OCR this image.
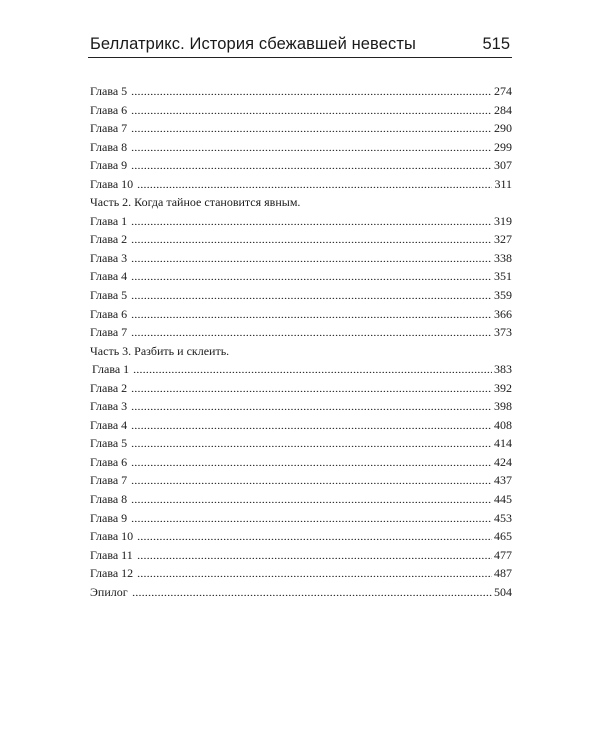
Беллатрикс. История сбежавшей невесты	515
Глава 5	274
Глава 6	284
Глава 7	290
Глава 8	299
Глава 9	307
Глава 10	311
Часть 2. Когда тайное становится явным.
Глава 1	319
Глава 2	327
Глава 3	338
Глава 4	351
Глава 5	359
Глава 6	366
Глава 7	373
Часть 3. Разбить и склеить.
Глава 1	383
Глава 2	392
Глава 3	398
Глава 4	408
Глава 5	414
Глава 6	424
Глава 7	437
Глава 8	445
Глава 9	453
Глава 10	465
Глава 11	477
Глава 12	487
Эпилог	504
